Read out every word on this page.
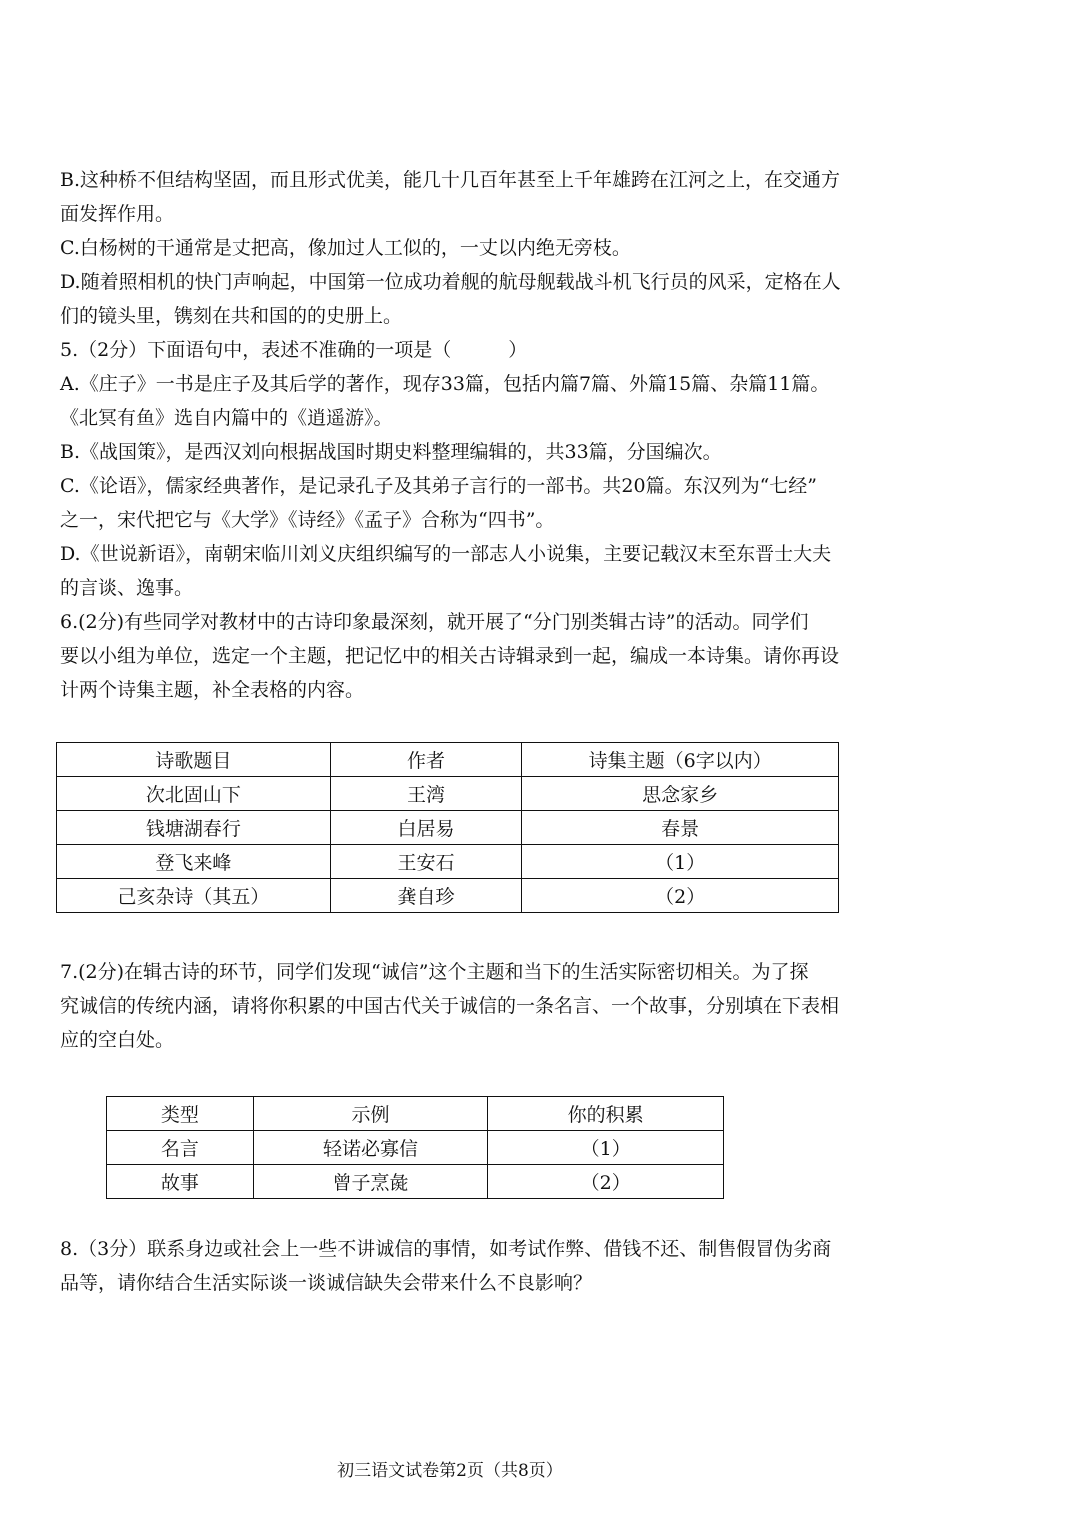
B.这种桥不但结构坚固，而且形式优美，能几十几百年甚至上千年雄跨在江河之上，在交通方

面发挥作用。

C.白杨树的干通常是丈把高，像加过人工似的，一丈以内绝无旁枝。

D.随着照相机的快门声响起，中国第一位成功着舰的航母舰载战斗机飞行员的风采，定格在人

们的镜头里，镌刻在共和国的的史册上。

5.（2分）下面语句中，表述不准确的一项是（　　　）

A.《庄子》一书是庄子及其后学的著作，现存33篇，包括内篇7篇、外篇15篇、杂篇11篇。

《北冥有鱼》选自内篇中的《逍遥游》。

B.《战国策》，是西汉刘向根据战国时期史料整理编辑的，共33篇，分国编次。

C.《论语》，儒家经典著作，是记录孔子及其弟子言行的一部书。共20篇。东汉列为“七经”

之一，宋代把它与《大学》《诗经》《孟子》合称为“四书”。

D.《世说新语》，南朝宋临川刘义庆组织编写的一部志人小说集，主要记载汉末至东晋士大夫

的言谈、逸事。

6.(2分)有些同学对教材中的古诗印象最深刻，就开展了“分门别类辑古诗”的活动。同学们

要以小组为单位，选定一个主题，把记忆中的相关古诗辑录到一起，编成一本诗集。请你再设

计两个诗集主题，补全表格的内容。

诗歌题目	作者	诗集主题（6字以内）
次北固山下	王湾	思念家乡
钱塘湖春行	白居易	春景
登飞来峰	王安石	（1）
己亥杂诗（其五）	龚自珍	（2）

7.(2分)在辑古诗的环节，同学们发现“诚信”这个主题和当下的生活实际密切相关。为了探

究诚信的传统内涵，请将你积累的中国古代关于诚信的一条名言、一个故事，分别填在下表相

应的空白处。

类型	示例	你的积累
名言	轻诺必寡信	（1）
故事	曾子烹彘	（2）

8.（3分）联系身边或社会上一些不讲诚信的事情，如考试作弊、借钱不还、制售假冒伪劣商

品等，请你结合生活实际谈一谈诚信缺失会带来什么不良影响？

初三语文试卷第2页（共8页）
